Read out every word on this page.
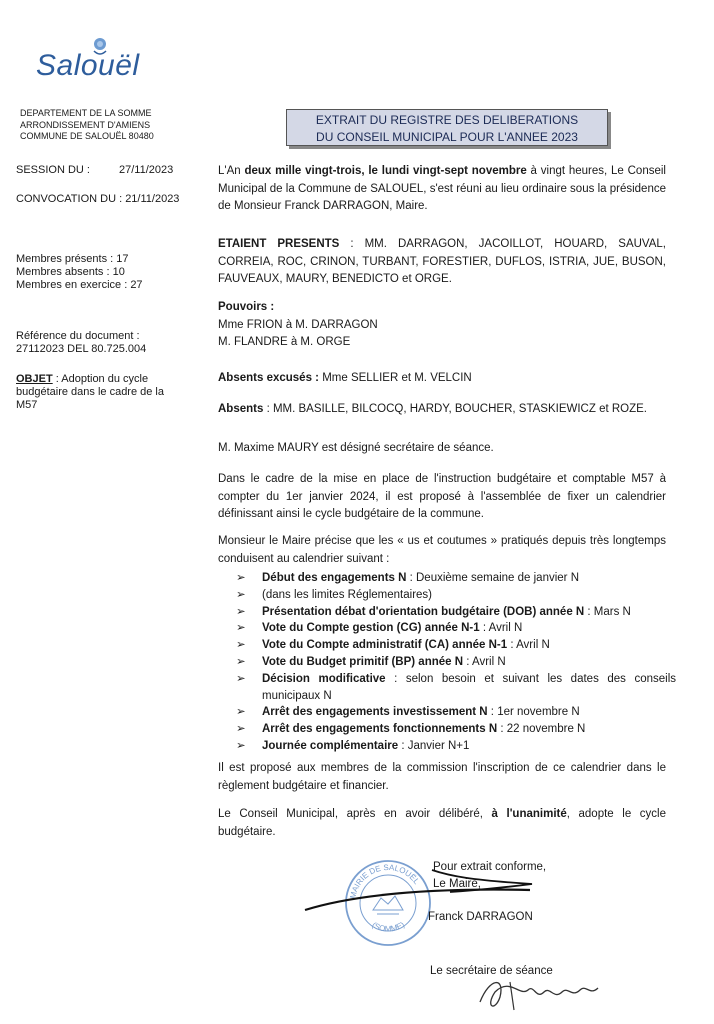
Salouël
DEPARTEMENT DE LA SOMME
ARRONDISSEMENT D'AMIENS
COMMUNE DE SALOUËL 80480
EXTRAIT DU REGISTRE DES DELIBERATIONS
DU CONSEIL MUNICIPAL POUR L'ANNEE 2023
SESSION DU :	27/11/2023
CONVOCATION DU : 21/11/2023
Membres présents : 17
Membres absents : 10
Membres en exercice : 27
Référence du document :
27112023 DEL 80.725.004
OBJET : Adoption du cycle budgétaire dans le cadre de la M57

L'An deux mille vingt-trois, le lundi vingt-sept novembre à vingt heures, Le Conseil Municipal de la Commune de SALOUEL, s'est réuni au lieu ordinaire sous la présidence de Monsieur Franck DARRAGON, Maire.

ETAIENT PRESENTS : MM. DARRAGON, JACOILLOT, HOUARD, SAUVAL, CORREIA, ROC, CRINON, TURBANT, FORESTIER, DUFLOS, ISTRIA, JUE, BUSON, FAUVEAUX, MAURY, BENEDICTO et ORGE.

Pouvoirs :

Mme FRION à M. DARRAGON

M. FLANDRE à M. ORGE

Absents excusés : Mme SELLIER et M. VELCIN

Absents : MM. BASILLE, BILCOCQ, HARDY, BOUCHER, STASKIEWICZ et ROZE.

M. Maxime MAURY est désigné secrétaire de séance.
Dans le cadre de la mise en place de l'instruction budgétaire et comptable M57 à compter du 1er janvier 2024, il est proposé à l'assemblée de fixer un calendrier définissant ainsi le cycle budgétaire de la commune.
Monsieur le Maire précise que les « us et coutumes » pratiqués depuis très longtemps conduisent au calendrier suivant :
➢ Début des engagements N : Deuxième semaine de janvier N
➢ (dans les limites Réglementaires)
➢ Présentation débat d'orientation budgétaire (DOB) année N : Mars N
➢ Vote du Compte gestion (CG) année N-1 : Avril N
➢ Vote du Compte administratif (CA) année N-1 : Avril N
➢ Vote du Budget primitif (BP) année N : Avril N
➢ Décision modificative : selon besoin et suivant les dates des conseils municipaux N
➢ Arrêt des engagements investissement N : 1er novembre N
➢ Arrêt des engagements fonctionnements N : 22 novembre N
➢ Journée complémentaire : Janvier N+1
Il est proposé aux membres de la commission l'inscription de ce calendrier dans le règlement budgétaire et financier.

Le Conseil Municipal, après en avoir délibéré, à l'unanimité, adopte le cycle budgétaire.

MAIRIE DE SALOUËL
(SOMME)
Pour extrait conforme,
Le Maire,
Franck DARRAGON
Le secrétaire de séance
